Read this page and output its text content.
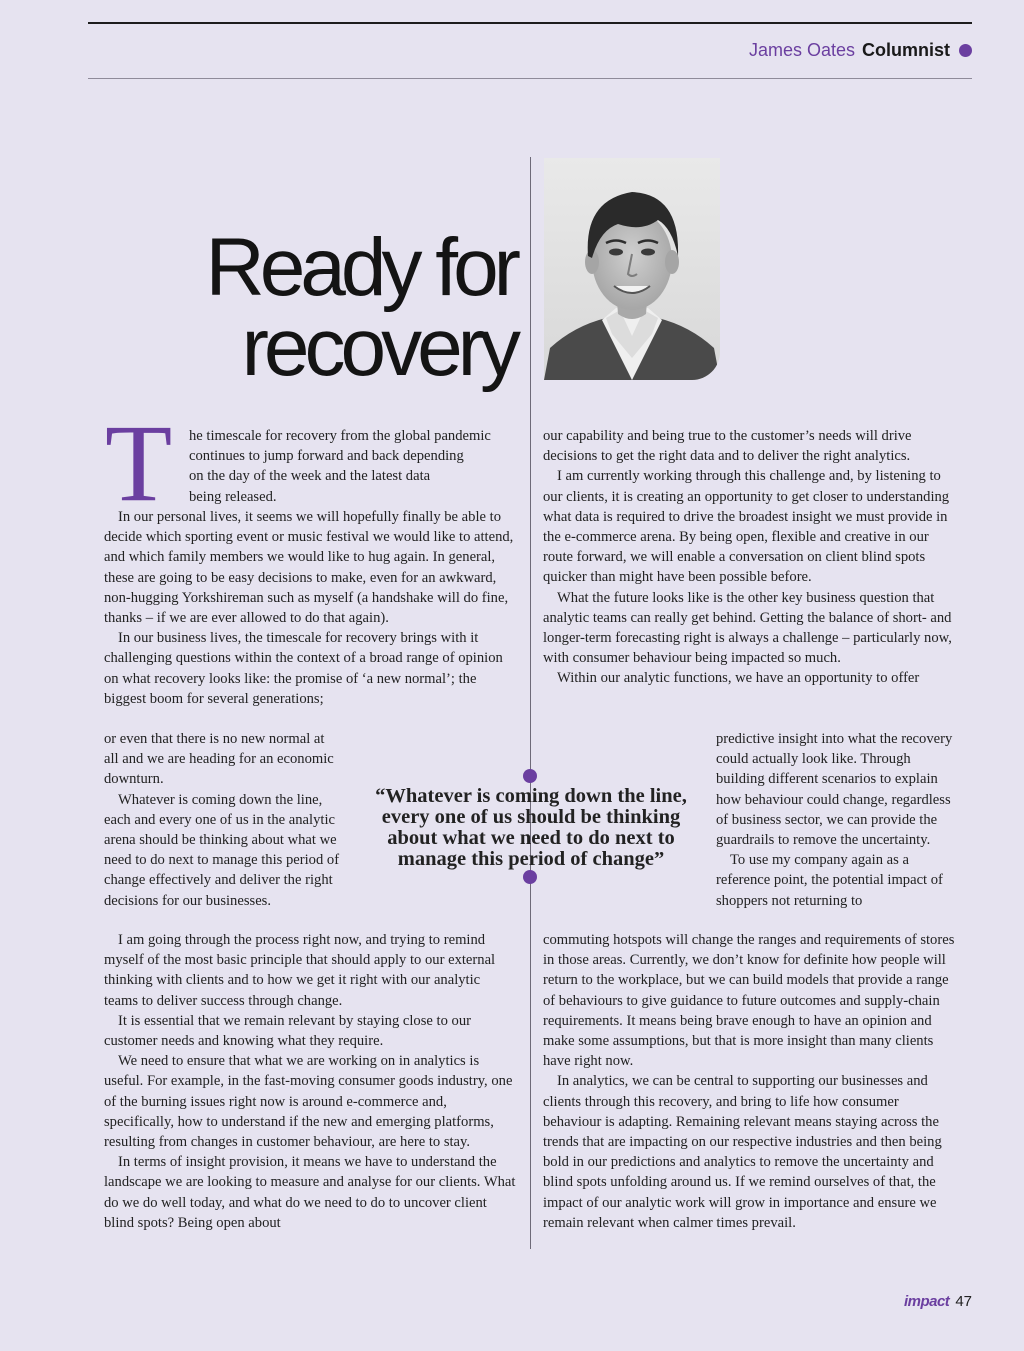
James Oates Columnist
Ready for
recovery
T he timescale for recovery from the global pandemic
continues to jump forward and back depending
on the day of the week and the latest data
being released.

In our personal lives, it seems we will hopefully finally be able to decide which sporting event or music festival we would like to attend, and which family members we would like to hug again. In general, these are going to be easy decisions to make, even for an awkward, non-hugging Yorkshireman such as myself (a handshake will do fine, thanks – if we are ever allowed to do that again).

In our business lives, the timescale for recovery brings with it challenging questions within the context of a broad range of opinion on what recovery looks like: the promise of ‘a new normal’; the biggest boom for several generations;

or even that there is no new normal at all and we are heading for an economic downturn.

Whatever is coming down the line, each and every one of us in the analytic arena should be thinking about what we need to do next to manage this period of change effectively and deliver the right decisions for our businesses.

I am going through the process right now, and trying to remind myself of the most basic principle that should apply to our external thinking with clients and to how we get it right with our analytic teams to deliver success through change.

It is essential that we remain relevant by staying close to our customer needs and knowing what they require.

We need to ensure that what we are working on in analytics is useful. For example, in the fast-moving consumer goods industry, one of the burning issues right now is around e-commerce and, specifically, how to understand if the new and emerging platforms, resulting from changes in customer behaviour, are here to stay.

In terms of insight provision, it means we have to understand the landscape we are looking to measure and analyse for our clients. What do we do well today, and what do we need to do to uncover client blind spots? Being open about

“Whatever is coming down the line,
every one of us should be thinking
about what we need to do next to
manage this period of change”

our capability and being true to the customer’s needs will drive decisions to get the right data and to deliver the right analytics.

I am currently working through this challenge and, by listening to our clients, it is creating an opportunity to get closer to understanding what data is required to drive the broadest insight we must provide in the e-commerce arena. By being open, flexible and creative in our route forward, we will enable a conversation on client blind spots quicker than might have been possible before.

What the future looks like is the other key business question that analytic teams can really get behind. Getting the balance of short- and longer-term forecasting right is always a challenge – particularly now, with consumer behaviour being impacted so much.

Within our analytic functions, we have an opportunity to offer

predictive insight into what the recovery could actually look like. Through building different scenarios to explain how behaviour could change, regardless of business sector, we can provide the guardrails to remove the uncertainty.

To use my company again as a reference point, the potential impact of shoppers not returning to

commuting hotspots will change the ranges and requirements of stores in those areas. Currently, we don’t know for definite how people will return to the workplace, but we can build models that provide a range of behaviours to give guidance to future outcomes and supply-chain requirements. It means being brave enough to have an opinion and make some assumptions, but that is more insight than many clients have right now.

In analytics, we can be central to supporting our businesses and clients through this recovery, and bring to life how consumer behaviour is adapting. Remaining relevant means staying across the trends that are impacting on our respective industries and then being bold in our predictions and analytics to remove the uncertainty and blind spots unfolding around us. If we remind ourselves of that, the impact of our analytic work will grow in importance and ensure we remain relevant when calmer times prevail.

impact 47
